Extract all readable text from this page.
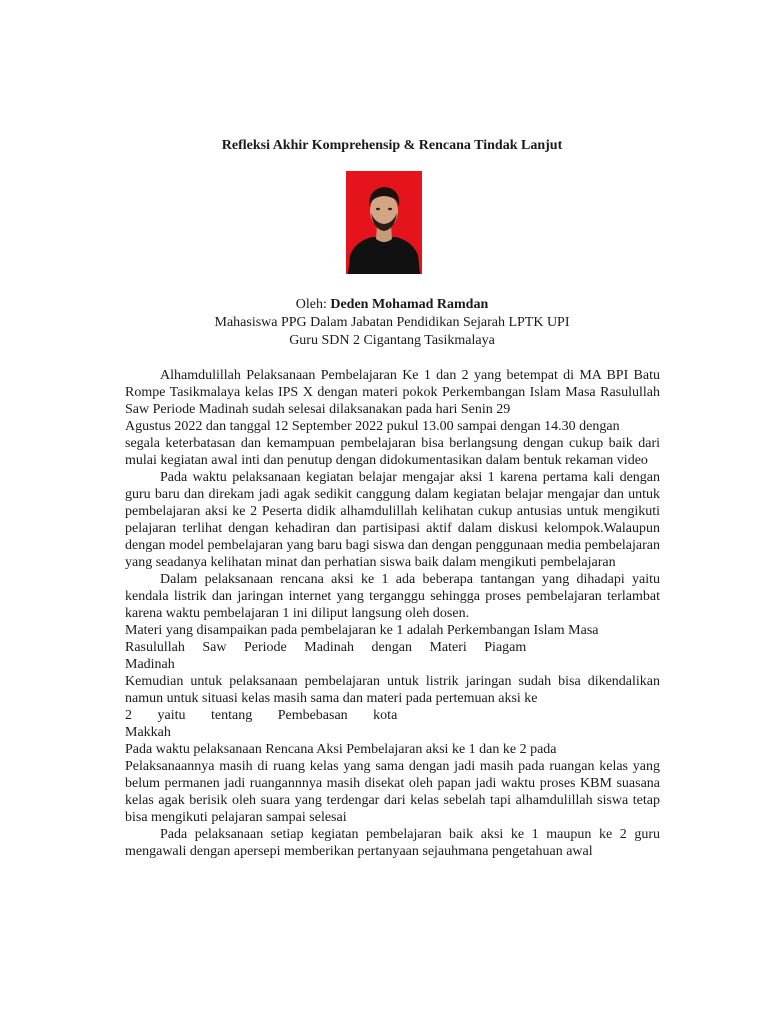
Refleksi Akhir Komprehensip & Rencana Tindak Lanjut
Oleh: Deden Mohamad Ramdan
Mahasiswa PPG Dalam Jabatan Pendidikan Sejarah LPTK UPI
Guru SDN 2 Cigantang Tasikmalaya

Alhamdulillah Pelaksanaan Pembelajaran Ke 1 dan 2 yang betempat di MA BPI Batu Rompe Tasikmalaya kelas IPS X dengan materi pokok Perkembangan Islam Masa Rasulullah Saw Periode Madinah sudah selesai dilaksanakan pada hari Senin 29

Agustus 2022 dan tanggal 12 September 2022 pukul 13.00 sampai dengan 14.30 dengan

segala keterbatasan dan kemampuan pembelajaran bisa berlangsung dengan cukup baik dari mulai kegiatan awal inti dan penutup dengan didokumentasikan dalam bentuk rekaman video

Pada waktu pelaksanaan kegiatan belajar mengajar aksi 1 karena pertama kali dengan guru baru dan direkam jadi agak sedikit canggung dalam kegiatan belajar mengajar dan untuk pembelajaran aksi ke 2 Peserta didik alhamdulillah kelihatan cukup antusias untuk mengikuti pelajaran terlihat dengan kehadiran dan partisipasi aktif dalam diskusi kelompok.Walaupun dengan model pembelajaran yang baru bagi siswa dan dengan penggunaan media pembelajaran yang seadanya kelihatan minat dan perhatian siswa baik dalam mengikuti pembelajaran

Dalam pelaksanaan rencana aksi ke 1 ada beberapa tantangan yang dihadapi yaitu kendala listrik dan jaringan internet yang terganggu sehingga proses pembelajaran terlambat karena waktu pembelajaran 1 ini diliput langsung oleh dosen.

Materi yang disampaikan pada pembelajaran ke 1 adalah Perkembangan Islam Masa

Rasulullah Saw Periode Madinah dengan Materi Piagam

Madinah

Kemudian untuk pelaksanaan pembelajaran untuk listrik jaringan sudah bisa dikendalikan namun untuk situasi kelas masih sama dan materi pada pertemuan aksi ke

2 yaitu tentang Pembebasan kota

Makkah

Pada waktu pelaksanaan Rencana Aksi Pembelajaran aksi ke 1 dan ke 2 pada

Pelaksanaannya masih di ruang kelas yang sama dengan jadi masih pada ruangan kelas yang belum permanen jadi ruangannnya masih disekat oleh papan jadi waktu proses KBM suasana kelas agak berisik oleh suara yang terdengar dari kelas sebelah tapi alhamdulillah siswa tetap bisa mengikuti pelajaran sampai selesai

Pada pelaksanaan setiap kegiatan pembelajaran baik aksi ke 1 maupun ke 2 guru mengawali dengan apersepi memberikan pertanyaan sejauhmana pengetahuan awal
